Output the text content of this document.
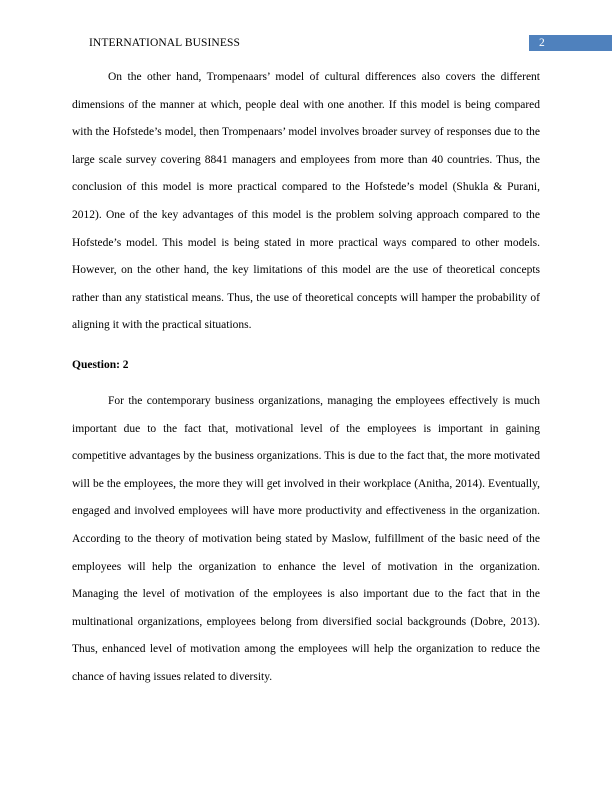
INTERNATIONAL BUSINESS	2

On the other hand, Trompenaars’ model of cultural differences also covers the different dimensions of the manner at which, people deal with one another. If this model is being compared with the Hofstede’s model, then Trompenaars’ model involves broader survey of responses due to the large scale survey covering 8841 managers and employees from more than 40 countries. Thus, the conclusion of this model is more practical compared to the Hofstede’s model (Shukla & Purani, 2012). One of the key advantages of this model is the problem solving approach compared to the Hofstede’s model. This model is being stated in more practical ways compared to other models. However, on the other hand, the key limitations of this model are the use of theoretical concepts rather than any statistical means. Thus, the use of theoretical concepts will hamper the probability of aligning it with the practical situations.

Question: 2

For the contemporary business organizations, managing the employees effectively is much important due to the fact that, motivational level of the employees is important in gaining competitive advantages by the business organizations. This is due to the fact that, the more motivated will be the employees, the more they will get involved in their workplace (Anitha, 2014). Eventually, engaged and involved employees will have more productivity and effectiveness in the organization. According to the theory of motivation being stated by Maslow, fulfillment of the basic need of the employees will help the organization to enhance the level of motivation in the organization. Managing the level of motivation of the employees is also important due to the fact that in the multinational organizations, employees belong from diversified social backgrounds (Dobre, 2013). Thus, enhanced level of motivation among the employees will help the organization to reduce the chance of having issues related to diversity.
